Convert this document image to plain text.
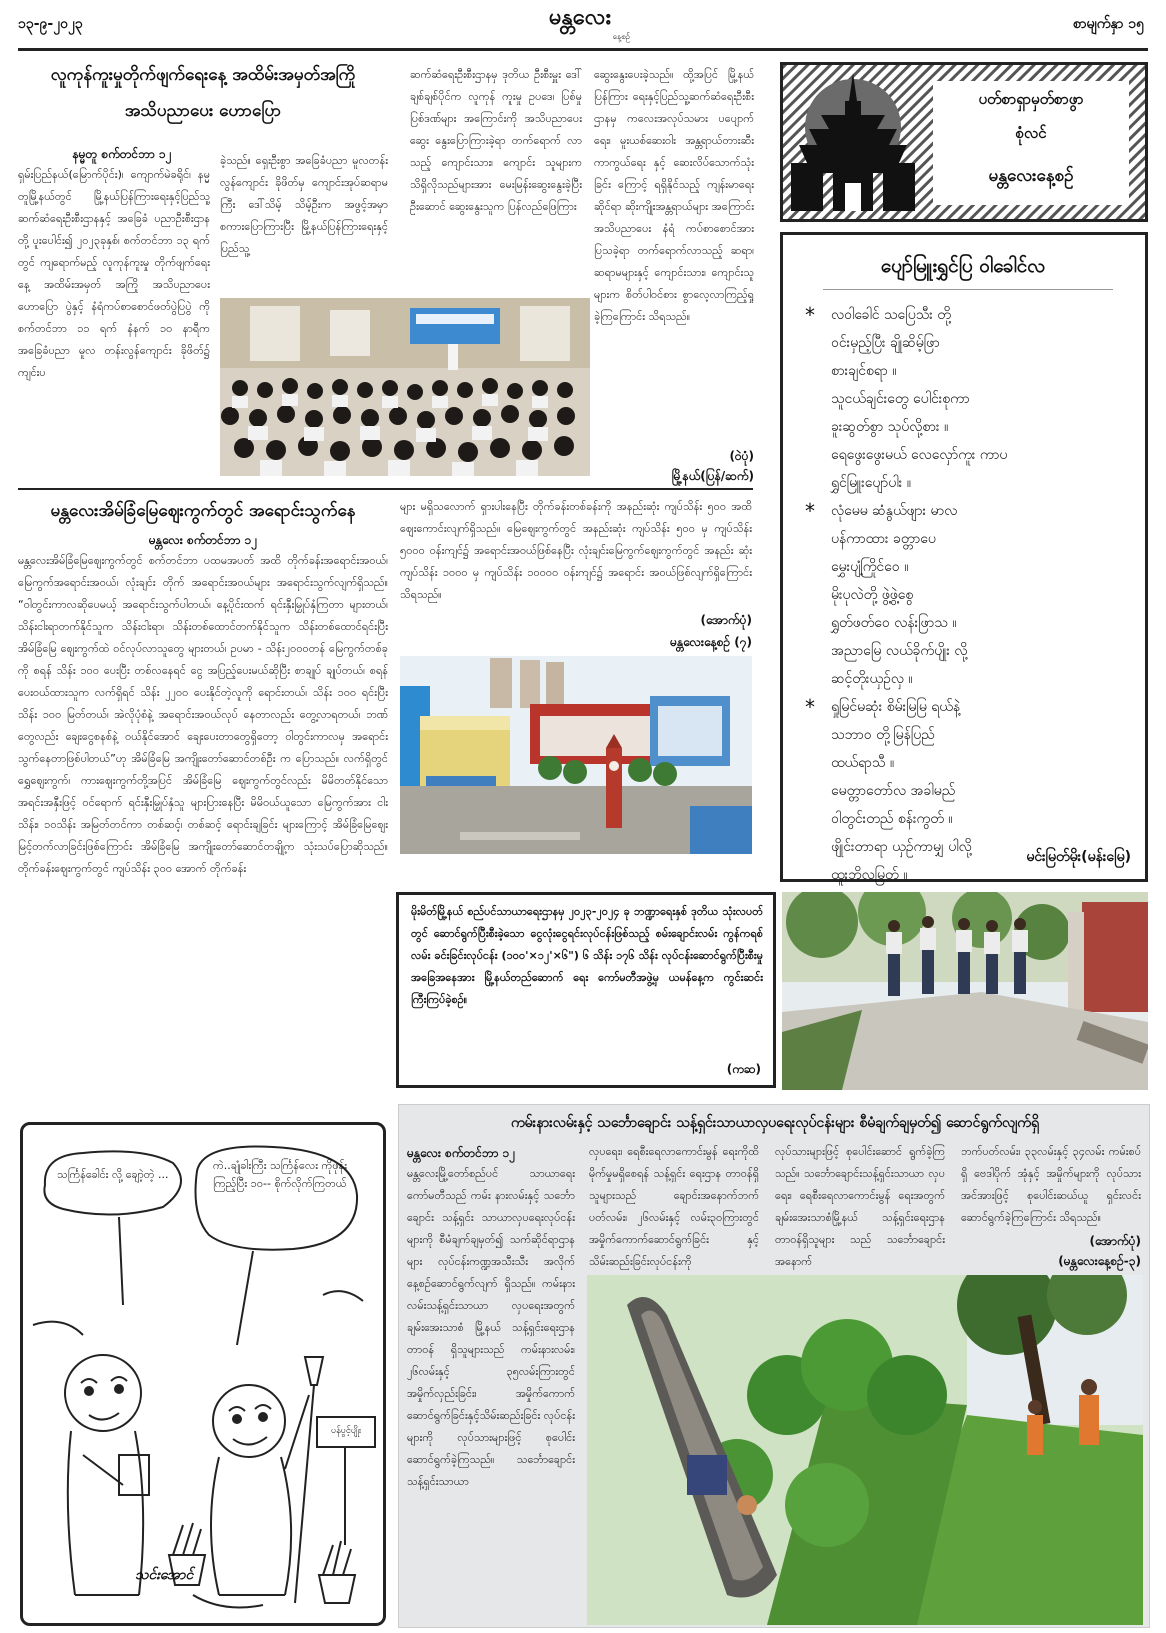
၁၃-၉-၂၀၂၃	မန္တလေး
နေ့စဉ်
စာမျက်နှာ ၁၅
လူကုန်ကူးမှုတိုက်ဖျက်ရေးနေ့ အထိမ်းအမှတ်အကြို
အသိပညာပေး ဟောပြော
နမ္မတူ စက်တင်ဘာ ၁၂
ရှမ်းပြည်နယ်(မြောက်ပိုင်း)၊ ကျောက်မဲခရိုင်၊ နမ္မတူမြို့နယ်တွင် မြို့နယ်ပြန်ကြားရေးနှင့်ပြည်သူ့ ဆက်ဆံရေးဦးစီးဌာနနှင့် အခြေခံ ပညာဦးစီးဌာနတို့ ပူးပေါင်း၍ ၂၀၂၃ခုနှစ်၊ စက်တင်ဘာ ၁၃ ရက် တွင် ကျရောက်မည့် လူကုန်ကူးမှု တိုက်ဖျက်ရေးနေ့ အထိမ်းအမှတ် အကြို အသိပညာပေး ဟောပြော ပွဲနှင့် နံရံကပ်စာစောင်ဖတ်ပွဲပြပွဲ ကို စက်တင်ဘာ ၁၁ ရက် နံနက် ၁၀ နာရီက အခြေခံပညာ မူလ တန်းလွန်ကျောင်း ခိုဖိတ်၌ ကျင်းပ
ခဲ့သည်။ ရှေးဦးစွာ အခြေခံပညာ မူလတန်းလွန်ကျောင်း ခိုဖိတ်မှ ကျောင်းအုပ်ဆရာမကြီး ဒေါ်သိမ့် သိမ့်ဦးက အဖွင့်အမှာစကားပြောကြားပြီး မြို့နယ်ပြန်ကြားရေးနှင့်ပြည်သူ့
ဆက်ဆံရေးဦးစီးဌာနမှ ဒုတိယ ဦးစီးမှူး ဒေါ်ချစ်ချစ်ပိုင်က လူကုန် ကူးမှု ဥပဒေ၊ ပြစ်မှုပြစ်ဒဏ်များ အကြောင်းကို အသိပညာပေး ဆွေး နွေးပြောကြားခဲ့ရာ တက်ရောက် လာသည့် ကျောင်းသား၊ ကျောင်း သူများက သိရှိလိုသည်များအား မေးမြန်းဆွေးနွေးခဲ့ပြီး ဦးဆောင် ဆွေးနွေးသူက ပြန်လည်ဖြေကြား
ဆွေးနွေးပေးခဲ့သည်။ ထို့အပြင် မြို့နယ်ပြန်ကြား ရေးနှင့်ပြည်သူ့ဆက်ဆံရေးဦးစီး ဌာနမှ ကလေးအလုပ်သမား ပပျောက်ရေး၊ မူးယစ်ဆေးဝါး အန္တရာယ်တားဆီးကာကွယ်ရေး နှင့် ဆေးလိပ်သောက်သုံးခြင်း ကြောင့် ရရှိနိုင်သည့် ကျန်းမာရေး ဆိုင်ရာ ဆိုးကျိုးအန္တရာယ်များ အကြောင်း အသိပညာပေး နံရံ ကပ်စာစောင်အား ပြသခဲ့ရာ တက်ရောက်လာသည့် ဆရာ၊ ဆရာမများနှင့် ကျောင်းသား၊ ကျောင်းသူများက စိတ်ပါဝင်စား စွာလေ့လာကြည့်ရှုခဲ့ကြကြောင်း သိရသည်။
(ဝဲပုံ)
မြို့နယ်(ပြန်/ဆက်)
မန္တလေးအိမ်ခြံမြေဈေးကွက်တွင် အရောင်းသွက်နေ
မန္တလေး စက်တင်ဘာ ၁၂
မန္တလေးအိမ်ခြံမြေဈေးကွက်တွင် စက်တင်ဘာ ပထမအပတ် အထိ တိုက်ခန်းအရောင်းအဝယ်၊ မြေကွက်အရောင်းအဝယ်၊ လုံးချင်း တိုက် အရောင်းအဝယ်များ အရောင်းသွက်လျက်ရှိသည်။ “ဝါတွင်းကာလဆိုပေမယ့် အရောင်းသွက်ပါတယ်၊ နေ့ပိုင်းထက် ရင်းနှီးမြှုပ်နှံကြတာ များတယ်၊ သိန်းငါးရာတက်နိုင်သူက သိန်းငါးရာ၊ သိန်းတစ်ထောင်တက်နိုင်သူက သိန်းတစ်ထောင်ရင်းပြီး အိမ်ခြံမြေ ဈေးကွက်ထဲ ဝင်လုပ်လာသူတွေ များတယ်၊ ဥပမာ - သိန်း၂၀၀၀တန် မြေကွက်တစ်ခုကို စရန် သိန်း ၁၀၀ ပေးပြီး တစ်လနေရင် ငွေ အပြည့်ပေးမယ်ဆိုပြီး စာချုပ် ချုပ်တယ်၊ စရန်ပေးဝယ်ထားသူက လက်ရှိရင် သိန်း ၂၂၀၀ ပေးနိုင်တဲ့လူကို ရောင်းတယ်၊ သိန်း ၁၀၀ ရင်းပြီး သိန်း ၁၀၀ မြတ်တယ်၊ အဲလိုပုံစံနဲ့ အရောင်းအဝယ်လုပ် နေတာလည်း တွေ့လာရတယ်၊ ဘဏ်တွေလည်း ချေးငွေစနစ်နဲ့ ဝယ်နိုင်အောင် ချေးပေးတာတွေရှိတော့ ဝါတွင်းကာလမှ အရောင်း သွက်နေတာဖြစ်ပါတယ်”ဟု အိမ်ခြံမြေ အကျိုးတော်ဆောင်တစ်ဦး က ပြောသည်။ လက်ရှိတွင် ရွှေဈေးကွက်၊ ကားဈေးကွက်တို့အပြင် အိမ်ခြံမြေ ဈေးကွက်တွင်လည်း မိမိတတ်နိုင်သော အရင်းအနှီးဖြင့် ဝင်ရောက် ရင်းနှီးမြှုပ်နှံသူ များပြားနေပြီး မိမိဝယ်ယူသော မြေကွက်အား ငါးသိန်း၊ ၁၀သိန်း အမြတ်တင်ကာ တစ်ဆင့်၊ တစ်ဆင့် ရောင်းချခြင်း များကြောင့် အိမ်ခြံမြေဈေးမြင့်တက်လာခြင်းဖြစ်ကြောင်း အိမ်ခြံမြေ အကျိုးတော်ဆောင်တချို့က သုံးသပ်ပြောဆိုသည်။ တိုက်ခန်းဈေးကွက်တွင် ကျပ်သိန်း ၃၀၀ အောက် တိုက်ခန်း
များ မရှိသလောက် ရှားပါးနေပြီး တိုက်ခန်းတစ်ခန်းကို အနည်းဆုံး ကျပ်သိန်း ၅၀၀ အထိ ဈေးကောင်းလျက်ရှိသည်။ မြေဈေးကွက်တွင် အနည်းဆုံး ကျပ်သိန်း ၅၀၀ မှ ကျပ်သိန်း ၅၀၀၀ ဝန်းကျင်၌ အရောင်းအဝယ်ဖြစ်နေပြီး လုံးချင်းမြေကွက်ဈေးကွက်တွင် အနည်း ဆုံး ကျပ်သိန်း ၁၀၀၀ မှ ကျပ်သိန်း ၁၀၀၀၀ ဝန်းကျင်၌ အရောင်း အဝယ်ဖြစ်လျက်ရှိကြောင်း သိရသည်။
(အောက်ပုံ)
မန္တလေးနေ့စဉ် (၇)
ပတ်စာရှာမှတ်စာဖွာ
စုံလင်
မန္တလေးနေ့စဉ်
ပျော်မြူးရွှင်ပြ ဝါခေါင်လ
* လဝါခေါင် သပြေသီး တို့
ဝင်းမှည့်ပြီး ချိုဆိမ့်ဖြာ
စားချင်စရာ ။
သူငယ်ချင်းတွေ ပေါင်းစုကာ
ခူးဆွတ်စွာ သုပ်လို့စား ။
ရေဖွေးဖွေးမယ် လေလှော်ကူး ကာပ
ရွှင်မြူးပျော်ပါး ။
* လုံမေမ ဆံနွယ်ဖျား မာလ
ပန်ကာထား ခတ္တာပေ
မွှေးပျံ့ကြိုင်ဝေ ။
မိုးပုလဲတို့ ဖွဲ့ဖွဲ့စွေ
ရွှတ်ဖတ်ဝေ လန်းဖြာသ ။
အညာမြေ လယ်ခိုက်ပျိုး လို့
ဆင့်တိုးယှဉ်လှ ။
* ရှုမြင်မဆုံး စိမ်းမြမြ ရယ်နဲ့
သဘာဝ တို့မြန်ပြည်
ထယ်ရာသီ ။
မေတ္တာတော်လ အခါမည်
ဝါတွင်းတည် စန်းကွတ် ။
ဖျိုင်းတာရာ ယှဉ်ကာမျှ ပါလို့
ထူးဘိလမြတ် ။
မင်းမြတ်မိုး(မန်းမြေ)
မိုးမိတ်မြို့နယ် စည်ပင်သာယာရေးဌာနမှ ၂၀၂၃-၂၀၂၄ ခု ဘဏ္ဍာရေးနှစ် ဒုတိယ သုံးလပတ်တွင် ဆောင်ရွက်ပြီးစီးခဲ့သော ငွေလုံးငွေရင်းလုပ်ငန်းဖြစ်သည့် စမ်းချောင်းလမ်း ကွန်ကရစ်လမ်း ခင်းခြင်းလုပ်ငန်း (၁၀၀'×၁၂'×၆") ၆ သိန်း ၁၇၆ သိန်း လုပ်ငန်းဆောင်ရွက်ပြီးစီးမှု အခြေအနေအား မြို့နယ်တည်ဆောက် ရေး ကော်မတီအဖွဲ့မှ ယမန်နေ့က ကွင်းဆင်းကြီးကြပ်ခဲ့စဉ်။
(ကဆ)
သင်္ကြန်ခေါင်း လို့ ချောဲ့တဲ့ ...
ကဲ..ချုံခါးကြီး သင်္ကြန်လေး ကိုဖုန်းကြည့်ပြီး ၁၀-- စိုက်လိုက်ကြတယ်
ပန်ပွင့်ပျိုး
သင်းအောင်
ကမ်းနားလမ်းနှင့် သင်္ဘောချောင်း သန့်ရှင်းသာယာလှပရေးလုပ်ငန်းများ စီမံချက်ချမှတ်၍ ဆောင်ရွက်လျက်ရှိ
မန္တလေး စက်တင်ဘာ ၁၂
မန္တလေးမြို့တော်စည်ပင် သာယာရေးကော်မတီသည် ကမ်း နားလမ်းနှင့် သင်္ဘောချောင်း သန့်ရှင်း သာယာလှပရေးလုပ်ငန်းများကို စီမံချက်ချမှတ်၍ သက်ဆိုင်ရာဌာန များ လုပ်ငန်းကဏ္ဍအသီးသီး အလိုက် နေ့စဉ်ဆောင်ရွက်လျက် ရှိသည်။ ကမ်းနားလမ်းသန့်ရှင်းသာယာ လှပရေးအတွက် ချမ်းအေးသာစံ မြို့နယ် သန့်ရှင်းရေးဌာန တာဝန် ရှိသူများသည် ကမ်းနားလမ်း၊ ၂၆လမ်းနှင့် ၃၅လမ်းကြားတွင် အမှိုက်လှည်းခြင်း၊ အမှိုက်ကောက် ဆောင်ရွက်ခြင်းနှင့်သိမ်းဆည်းခြင်း လုပ်ငန်းများကို လုပ်သားများဖြင့် စုပေါင်းဆောင်ရွက်ခဲ့ကြသည်။ သင်္ဘောချောင်း သန့်ရှင်းသာယာ
လှပရေး၊ ရေစီးရေလာကောင်းမွန် ရေးကိုထိမိုက်မှုမရှိစေရန် သန့်ရှင်း ရေးဌာန တာဝန်ရှိသူများသည် ချောင်းအနောက်ဘက်ပတ်လမ်း၊ ၂၆လမ်းနှင့် လမ်း၃၀ကြားတွင် အမှိုက်ကောက်ဆောင်ရွက်ခြင်း နှင့် သိမ်းဆည်းခြင်းလုပ်ငန်းကို
လုပ်သားများဖြင့် စုပေါင်းဆောင် ရွက်ခဲ့ကြသည်။ သင်္ဘောချောင်းသန့်ရှင်းသာယာ လှပရေး၊ ရေစီးရေလာကောင်းမွန် ရေးအတွက် ချမ်းအေးသာစံမြို့နယ် သန့်ရှင်းရေးဌာန တာဝန်ရှိသူများ သည် သင်္ဘောချောင်းအနောက်
ဘက်ပတ်လမ်း၊ ၃၃လမ်းနှင့် ၃၄လမ်း ကမ်းစပ်ရှိ ဗေဒါပိုက် အုံနှင့် အမှိုက်များကို လုပ်သား အင်အားဖြင့် စုပေါင်းဆယ်ယူ ရှင်းလင်းဆောင်ရွက်ခဲ့ကြကြောင်း သိရသည်။
(အောက်ပုံ)
(မန္တလေးနေ့စဉ်-၃)
